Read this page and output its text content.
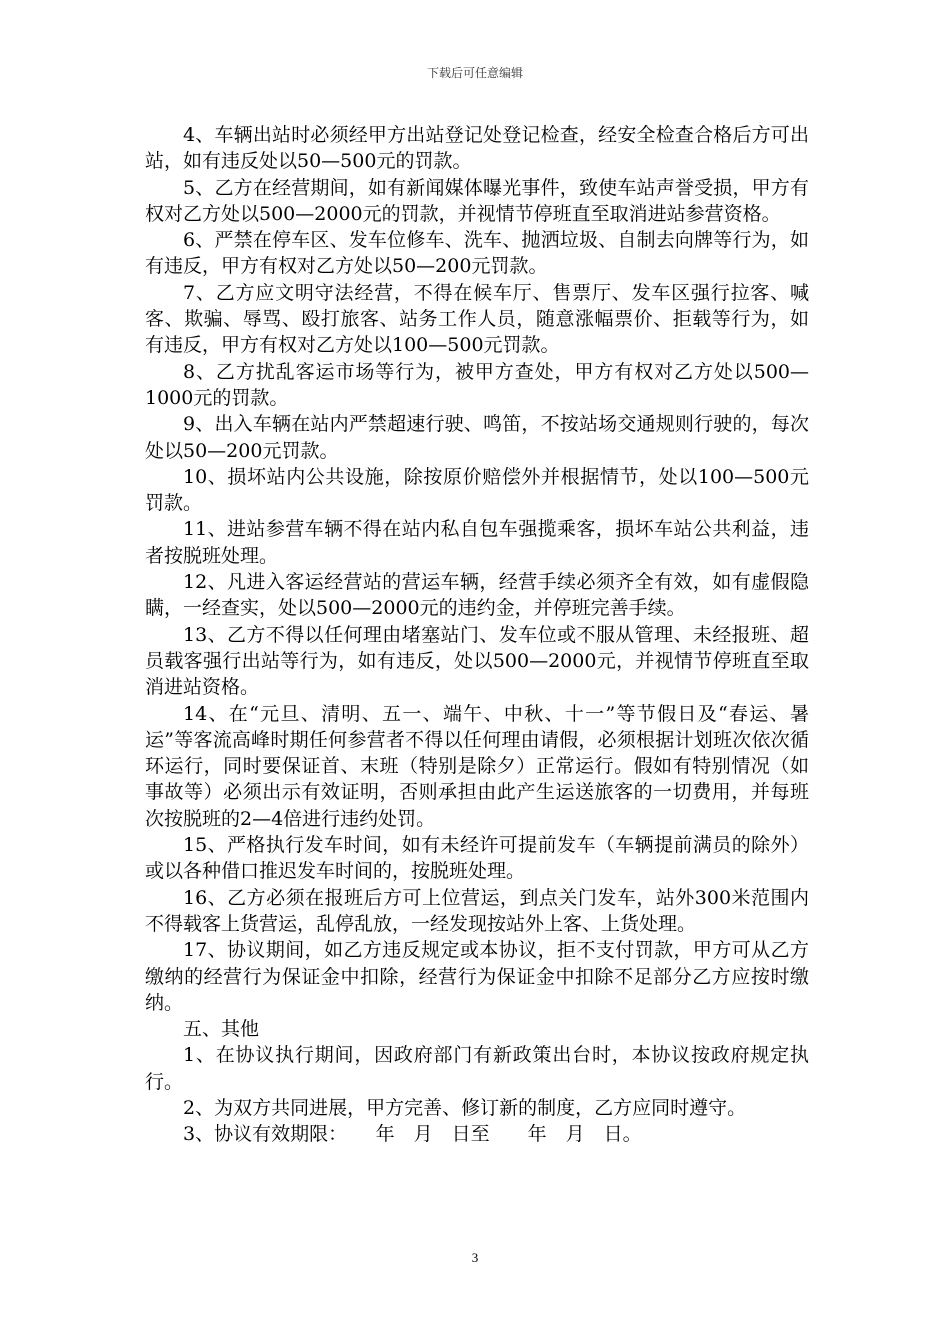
下载后可任意编辑

4、车辆出站时必须经甲方出站登记处登记检查，经安全检查合格后方可出站，如有违反处以50—500元的罚款。

5、乙方在经营期间，如有新闻媒体曝光事件，致使车站声誉受损，甲方有权对乙方处以500—2000元的罚款，并视情节停班直至取消进站参营资格。

6、严禁在停车区、发车位修车、洗车、抛洒垃圾、自制去向牌等行为，如有违反，甲方有权对乙方处以50—200元罚款。

7、乙方应文明守法经营，不得在候车厅、售票厅、发车区强行拉客、喊客、欺骗、辱骂、殴打旅客、站务工作人员，随意涨幅票价、拒载等行为，如有违反，甲方有权对乙方处以100—500元罚款。

8、乙方扰乱客运市场等行为，被甲方查处，甲方有权对乙方处以500—1000元的罚款。

9、出入车辆在站内严禁超速行驶、鸣笛，不按站场交通规则行驶的，每次处以50—200元罚款。

10、损坏站内公共设施，除按原价赔偿外并根据情节，处以100—500元罚款。

11、进站参营车辆不得在站内私自包车强揽乘客，损坏车站公共利益，违者按脱班处理。

12、凡进入客运经营站的营运车辆，经营手续必须齐全有效，如有虚假隐瞒，一经查实，处以500—2000元的违约金，并停班完善手续。

13、乙方不得以任何理由堵塞站门、发车位或不服从管理、未经报班、超员载客强行出站等行为，如有违反，处以500—2000元，并视情节停班直至取消进站资格。

14、在“元旦、清明、五一、端午、中秋、十一”等节假日及“春运、暑运”等客流高峰时期任何参营者不得以任何理由请假，必须根据计划班次依次循环运行，同时要保证首、末班（特别是除夕）正常运行。假如有特别情况（如事故等）必须出示有效证明，否则承担由此产生运送旅客的一切费用，并每班次按脱班的2—4倍进行违约处罚。

15、严格执行发车时间，如有未经许可提前发车（车辆提前满员的除外）或以各种借口推迟发车时间的，按脱班处理。

16、乙方必须在报班后方可上位营运，到点关门发车，站外300米范围内不得载客上货营运，乱停乱放，一经发现按站外上客、上货处理。

17、协议期间，如乙方违反规定或本协议，拒不支付罚款，甲方可从乙方缴纳的经营行为保证金中扣除，经营行为保证金中扣除不足部分乙方应按时缴纳。

五、其他

1、在协议执行期间，因政府部门有新政策出台时，本协议按政府规定执行。

2、为双方共同进展，甲方完善、修订新的制度，乙方应同时遵守。

3、协议有效期限：　　年　月　日至　　年　月　日。

3
